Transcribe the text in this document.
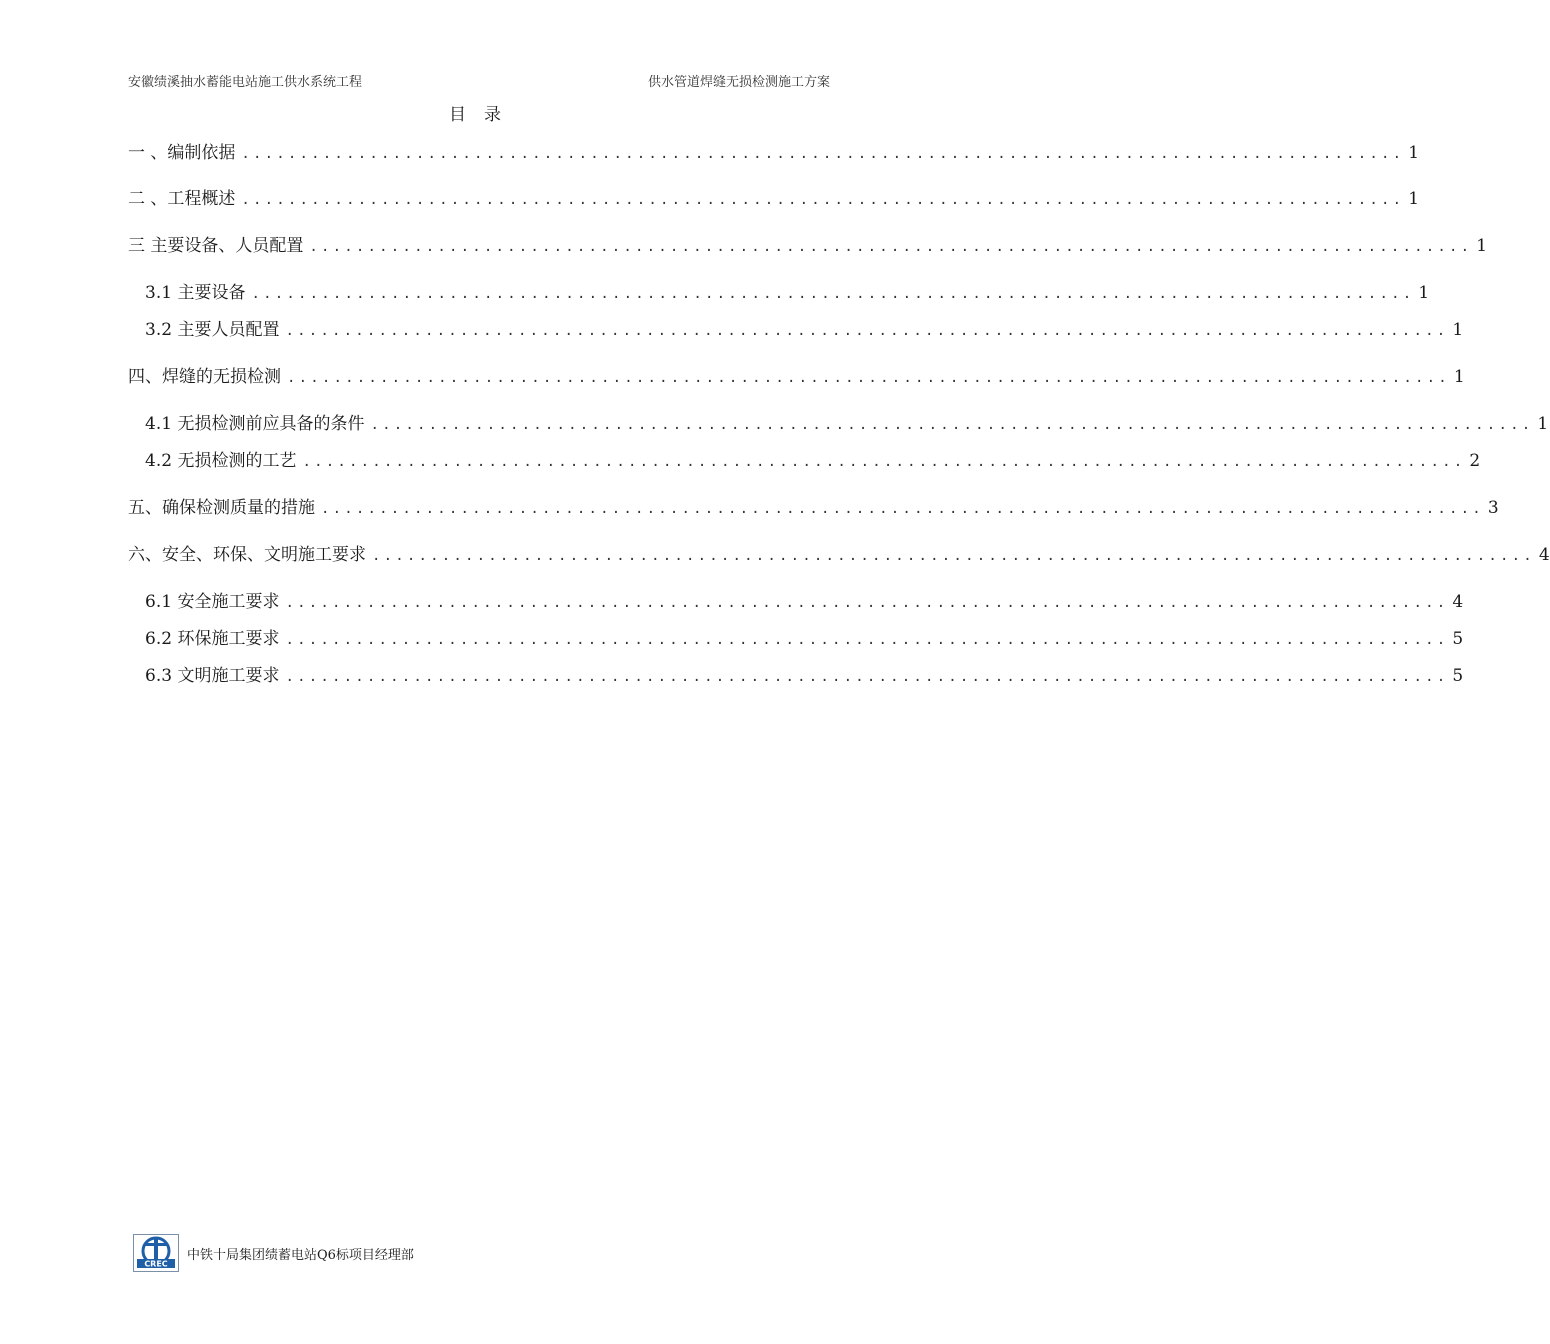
安徽绩溪抽水蓄能电站施工供水系统工程	供水管道焊缝无损检测施工方案
目录
一 、编制依据 .................................................................................................... 1
二 、工程概述 .................................................................................................... 1
三 主要设备、人员配置 .................................................................................................... 1
3.1 主要设备 .................................................................................................... 1
3.2 主要人员配置 .................................................................................................... 1
四、焊缝的无损检测 .................................................................................................... 1
4.1 无损检测前应具备的条件 .................................................................................................... 1
4.2 无损检测的工艺 .................................................................................................... 2
五、确保检测质量的措施 .................................................................................................... 3
六、安全、环保、文明施工要求 .................................................................................................... 4
6.1 安全施工要求 .................................................................................................... 4
6.2 环保施工要求 .................................................................................................... 5
6.3 文明施工要求 .................................................................................................... 5
CREC
中铁十局集团绩蓄电站Q6标项目经理部
